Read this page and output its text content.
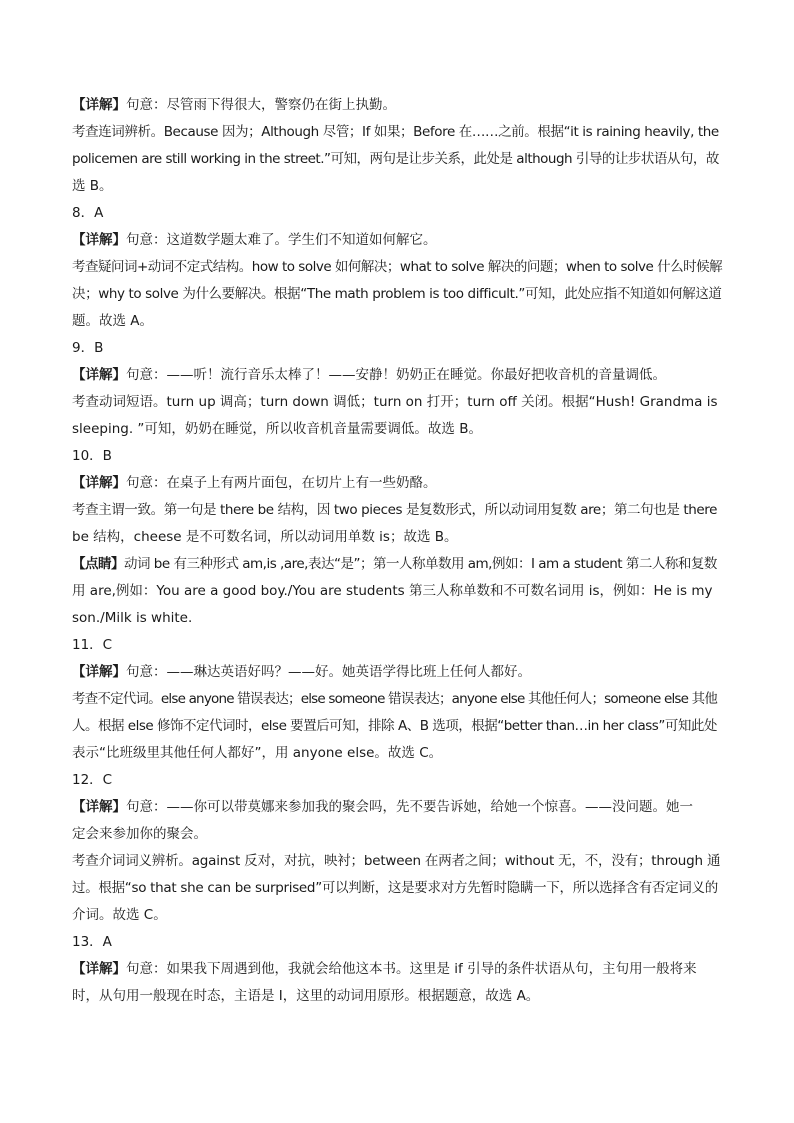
【详解】句意：尽管雨下得很大，警察仍在街上执勤。

考查连词辨析。Because 因为；Although 尽管；If 如果；Before 在……之前。根据“it is raining heavily, the

policemen are still working in the street.”可知，两句是让步关系，此处是 although 引导的让步状语从句，故

选 B。

8．A

【详解】句意：这道数学题太难了。学生们不知道如何解它。

考查疑问词+动词不定式结构。how to solve 如何解决；what to solve 解决的问题；when to solve 什么时候解

决；why to solve 为什么要解决。根据“The math problem is too difficult.”可知，此处应指不知道如何解这道

题。故选 A。

9．B

【详解】句意：——听！流行音乐太棒了！——安静！奶奶正在睡觉。你最好把收音机的音量调低。

考查动词短语。turn up 调高；turn down 调低；turn on 打开；turn off 关闭。根据“Hush! Grandma is

sleeping. ”可知，奶奶在睡觉，所以收音机音量需要调低。故选 B。

10．B

【详解】句意：在桌子上有两片面包，在切片上有一些奶酪。

考查主谓一致。第一句是 there be 结构，因 two pieces 是复数形式，所以动词用复数 are；第二句也是 there

be 结构，cheese 是不可数名词，所以动词用单数 is；故选 B。

【点睛】动词 be 有三种形式 am,is ,are,表达“是”；第一人称单数用 am,例如：I am a student 第二人称和复数

用 are,例如：You are a good boy./You are students 第三人称单数和不可数名词用 is，例如：He is my

son./Milk is white.

11．C

【详解】句意：——琳达英语好吗？——好。她英语学得比班上任何人都好。

考查不定代词。else anyone 错误表达；else someone 错误表达；anyone else 其他任何人；someone else 其他

人。根据 else 修饰不定代词时，else 要置后可知，排除 A、B 选项，根据“better than…in her class”可知此处

表示“比班级里其他任何人都好”，用 anyone else。故选 C。

12．C

【详解】句意：——你可以带莫娜来参加我的聚会吗，先不要告诉她，给她一个惊喜。——没问题。她一

定会来参加你的聚会。

考查介词词义辨析。against 反对，对抗，映衬；between 在两者之间；without 无，不，没有；through 通

过。根据“so that she can be surprised”可以判断，这是要求对方先暂时隐瞒一下，所以选择含有否定词义的

介词。故选 C。

13．A

【详解】句意：如果我下周遇到他，我就会给他这本书。这里是 if 引导的条件状语从句，主句用一般将来

时，从句用一般现在时态，主语是 I，这里的动词用原形。根据题意，故选 A。
